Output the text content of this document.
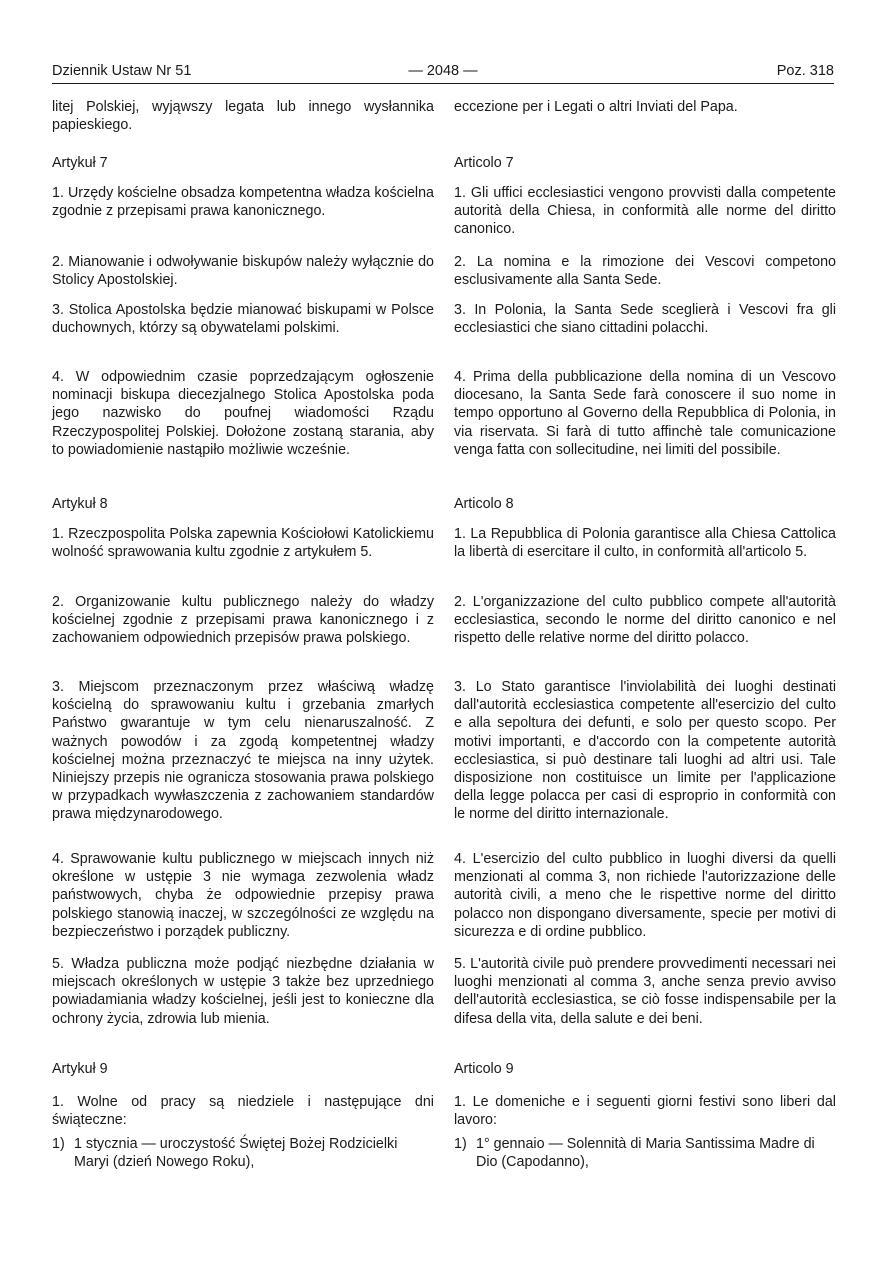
Dziennik Ustaw Nr 51	— 2048 —	Poz. 318

litej Polskiej, wyjąwszy legata lub innego wysłannika papieskiego.

Artykuł 7

1. Urzędy kościelne obsadza kompetentna władza kościelna zgodnie z przepisami prawa kanonicznego.

2. Mianowanie i odwoływanie biskupów należy wyłącznie do Stolicy Apostolskiej.

3. Stolica Apostolska będzie mianować biskupami w Polsce duchownych, którzy są obywatelami polskimi.

4. W odpowiednim czasie poprzedzającym ogłoszenie nominacji biskupa diecezjalnego Stolica Apostolska poda jego nazwisko do poufnej wiadomości Rządu Rzeczypospolitej Polskiej. Dołożone zostaną starania, aby to powiadomienie nastąpiło możliwie wcześnie.

Artykuł 8

1. Rzeczpospolita Polska zapewnia Kościołowi Katolickiemu wolność sprawowania kultu zgodnie z artykułem 5.

2. Organizowanie kultu publicznego należy do władzy kościelnej zgodnie z przepisami prawa kanonicznego i z zachowaniem odpowiednich przepisów prawa polskiego.

3. Miejscom przeznaczonym przez właściwą władzę kościelną do sprawowaniu kultu i grzebania zmarłych Państwo gwarantuje w tym celu nienaruszalność. Z ważnych powodów i za zgodą kompetentnej władzy kościelnej można przeznaczyć te miejsca na inny użytek. Niniejszy przepis nie ogranicza stosowania prawa polskiego w przypadkach wywłaszczenia z zachowaniem standardów prawa międzynarodowego.

4. Sprawowanie kultu publicznego w miejscach innych niż określone w ustępie 3 nie wymaga zezwolenia władz państwowych, chyba że odpowiednie przepisy prawa polskiego stanowią inaczej, w szczególności ze względu na bezpieczeństwo i porządek publiczny.

5. Władza publiczna może podjąć niezbędne działania w miejscach określonych w ustępie 3 także bez uprzedniego powiadamiania władzy kościelnej, jeśli jest to konieczne dla ochrony życia, zdrowia lub mienia.

Artykuł 9

1. Wolne od pracy są niedziele i następujące dni świąteczne:

1) 1 stycznia — uroczystość Świętej Bożej Rodzicielki Maryi (dzień Nowego Roku),

eccezione per i Legati o altri Inviati del Papa.

Articolo 7

1. Gli uffici ecclesiastici vengono provvisti dalla competente autorità della Chiesa, in conformità alle norme del diritto canonico.

2. La nomina e la rimozione dei Vescovi competono esclusivamente alla Santa Sede.

3. In Polonia, la Santa Sede sceglierà i Vescovi fra gli ecclesiastici che siano cittadini polacchi.

4. Prima della pubblicazione della nomina di un Vescovo diocesano, la Santa Sede farà conoscere il suo nome in tempo opportuno al Governo della Repubblica di Polonia, in via riservata. Si farà di tutto affinchè tale comunicazione venga fatta con sollecitudine, nei limiti del possibile.

Articolo 8

1. La Repubblica di Polonia garantisce alla Chiesa Cattolica la libertà di esercitare il culto, in conformità all'articolo 5.

2. L'organizzazione del culto pubblico compete all'autorità ecclesiastica, secondo le norme del diritto canonico e nel rispetto delle relative norme del diritto polacco.

3. Lo Stato garantisce l'inviolabilità dei luoghi destinati dall'autorità ecclesiastica competente all'esercizio del culto e alla sepoltura dei defunti, e solo per questo scopo. Per motivi importanti, e d'accordo con la competente autorità ecclesiastica, si può destinare tali luoghi ad altri usi. Tale disposizione non costituisce un limite per l'applicazione della legge polacca per casi di esproprio in conformità con le norme del diritto internazionale.

4. L'esercizio del culto pubblico in luoghi diversi da quelli menzionati al comma 3, non richiede l'autorizzazione delle autorità civili, a meno che le rispettive norme del diritto polacco non dispongano diversamente, specie per motivi di sicurezza e di ordine pubblico.

5. L'autorità civile può prendere provvedimenti necessari nei luoghi menzionati al comma 3, anche senza previo avviso dell'autorità ecclesiastica, se ciò fosse indispensabile per la difesa della vita, della salute e dei beni.

Articolo 9

1. Le domeniche e i seguenti giorni festivi sono liberi dal lavoro:

1) 1° gennaio — Solennità di Maria Santissima Madre di Dio (Capodanno),
